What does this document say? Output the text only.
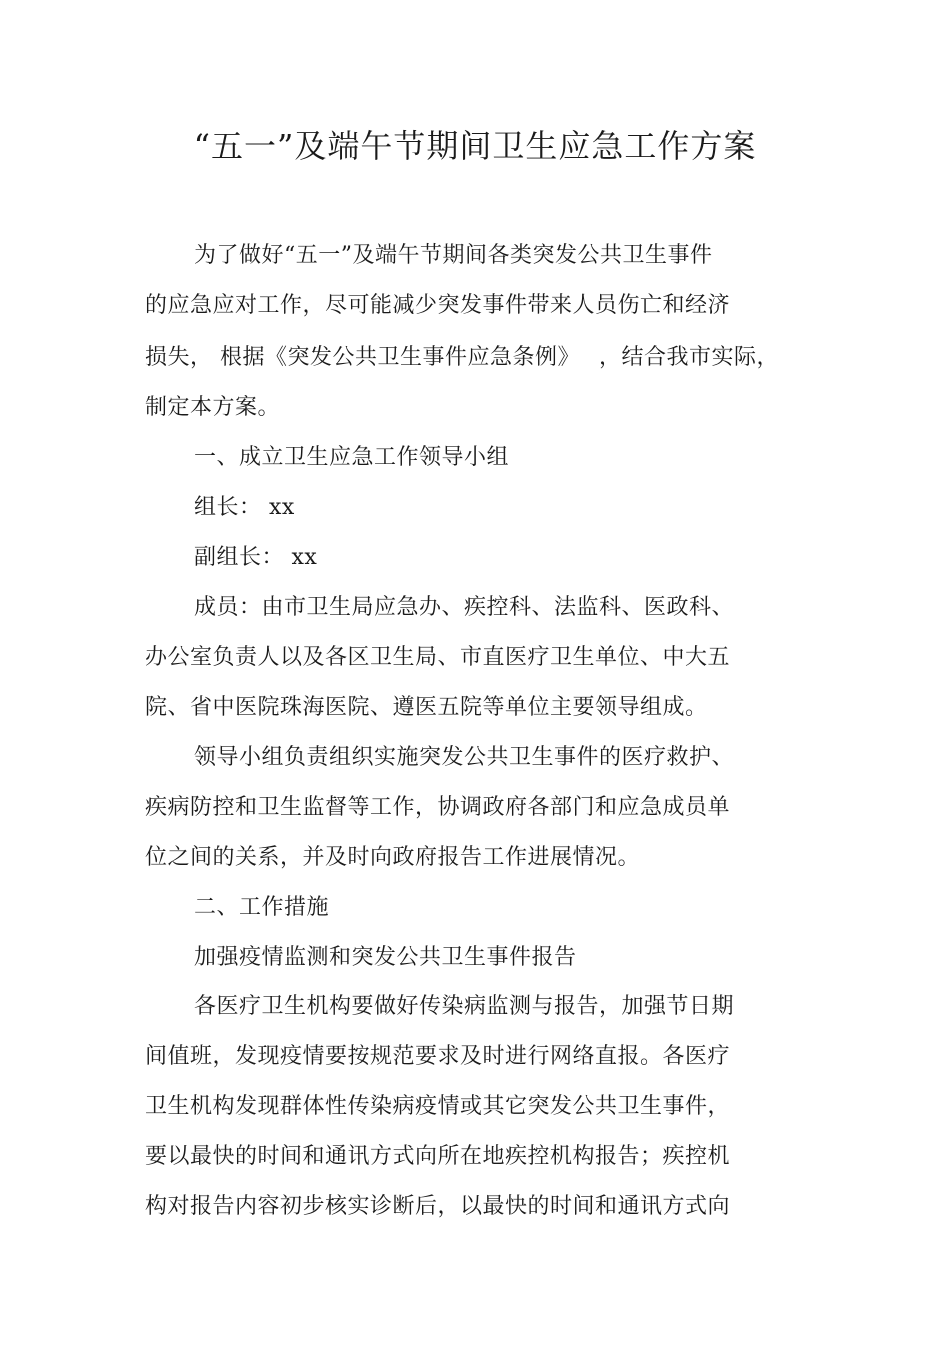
“五一”及端午节期间卫生应急工作方案
为了做好“五一”及端午节期间各类突发公共卫生事件
的应急应对工作，尽可能减少突发事件带来人员伤亡和经济
损失， 根据《突发公共卫生事件应急条例》　 ，结合我市实际，
制定本方案。
一、成立卫生应急工作领导小组
组长： xx
副组长： xx
成员：由市卫生局应急办、疾控科、法监科、医政科、
办公室负责人以及各区卫生局、市直医疗卫生单位、中大五
院、省中医院珠海医院、遵医五院等单位主要领导组成。
领导小组负责组织实施突发公共卫生事件的医疗救护、
疾病防控和卫生监督等工作，协调政府各部门和应急成员单
位之间的关系，并及时向政府报告工作进展情况。
二、工作措施
加强疫情监测和突发公共卫生事件报告
各医疗卫生机构要做好传染病监测与报告，加强节日期
间值班，发现疫情要按规范要求及时进行网络直报。各医疗
卫生机构发现群体性传染病疫情或其它突发公共卫生事件，
要以最快的时间和通讯方式向所在地疾控机构报告；疾控机
构对报告内容初步核实诊断后，以最快的时间和通讯方式向
